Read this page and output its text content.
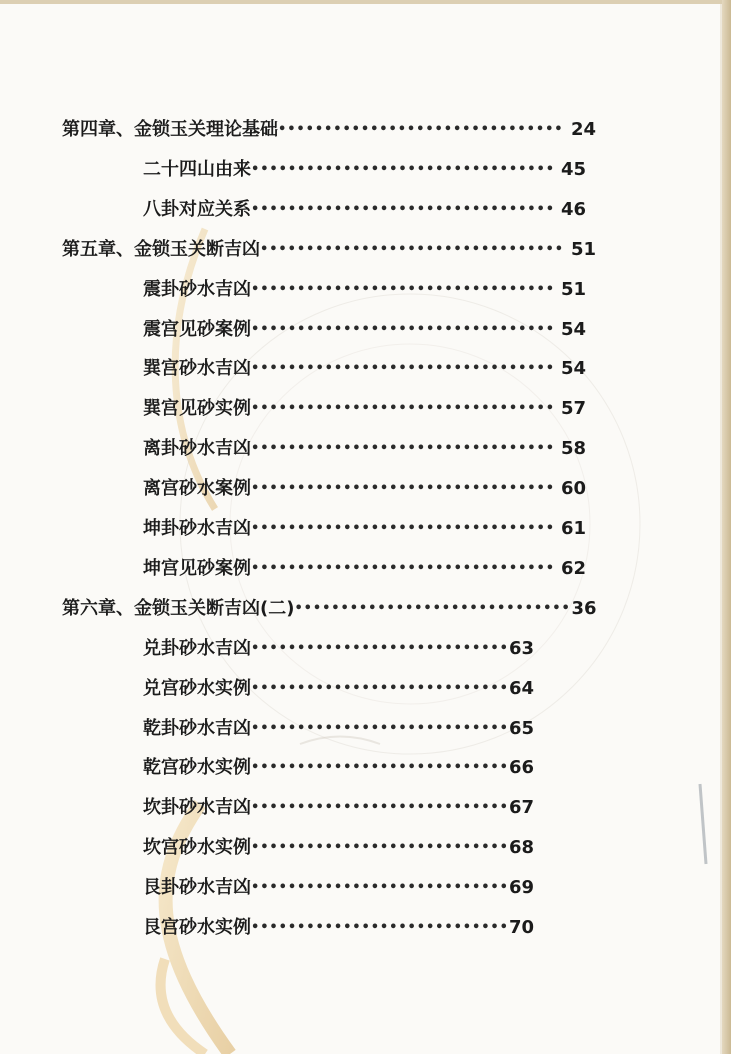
第四章、金锁玉关理论基础••••••••••••••••••••••••••••••• 24
二十四山由来••••••••••••••••••••••••••••••••• 45
八卦对应关系••••••••••••••••••••••••••••••••• 46
第五章、金锁玉关断吉凶••••••••••••••••••••••••••••••••• 51
震卦砂水吉凶••••••••••••••••••••••••••••••••• 51
震宫见砂案例••••••••••••••••••••••••••••••••• 54
巽宫砂水吉凶••••••••••••••••••••••••••••••••• 54
巽宫见砂实例••••••••••••••••••••••••••••••••• 57
离卦砂水吉凶••••••••••••••••••••••••••••••••• 58
离宫砂水案例••••••••••••••••••••••••••••••••• 60
坤卦砂水吉凶••••••••••••••••••••••••••••••••• 61
坤宫见砂案例••••••••••••••••••••••••••••••••• 62
第六章、金锁玉关断吉凶(二)••••••••••••••••••••••••••••••36
兑卦砂水吉凶••••••••••••••••••••••••••••63
兑宫砂水实例••••••••••••••••••••••••••••64
乾卦砂水吉凶••••••••••••••••••••••••••••65
乾宫砂水实例••••••••••••••••••••••••••••66
坎卦砂水吉凶••••••••••••••••••••••••••••67
坎宫砂水实例••••••••••••••••••••••••••••68
艮卦砂水吉凶••••••••••••••••••••••••••••69
艮宫砂水实例••••••••••••••••••••••••••••70
